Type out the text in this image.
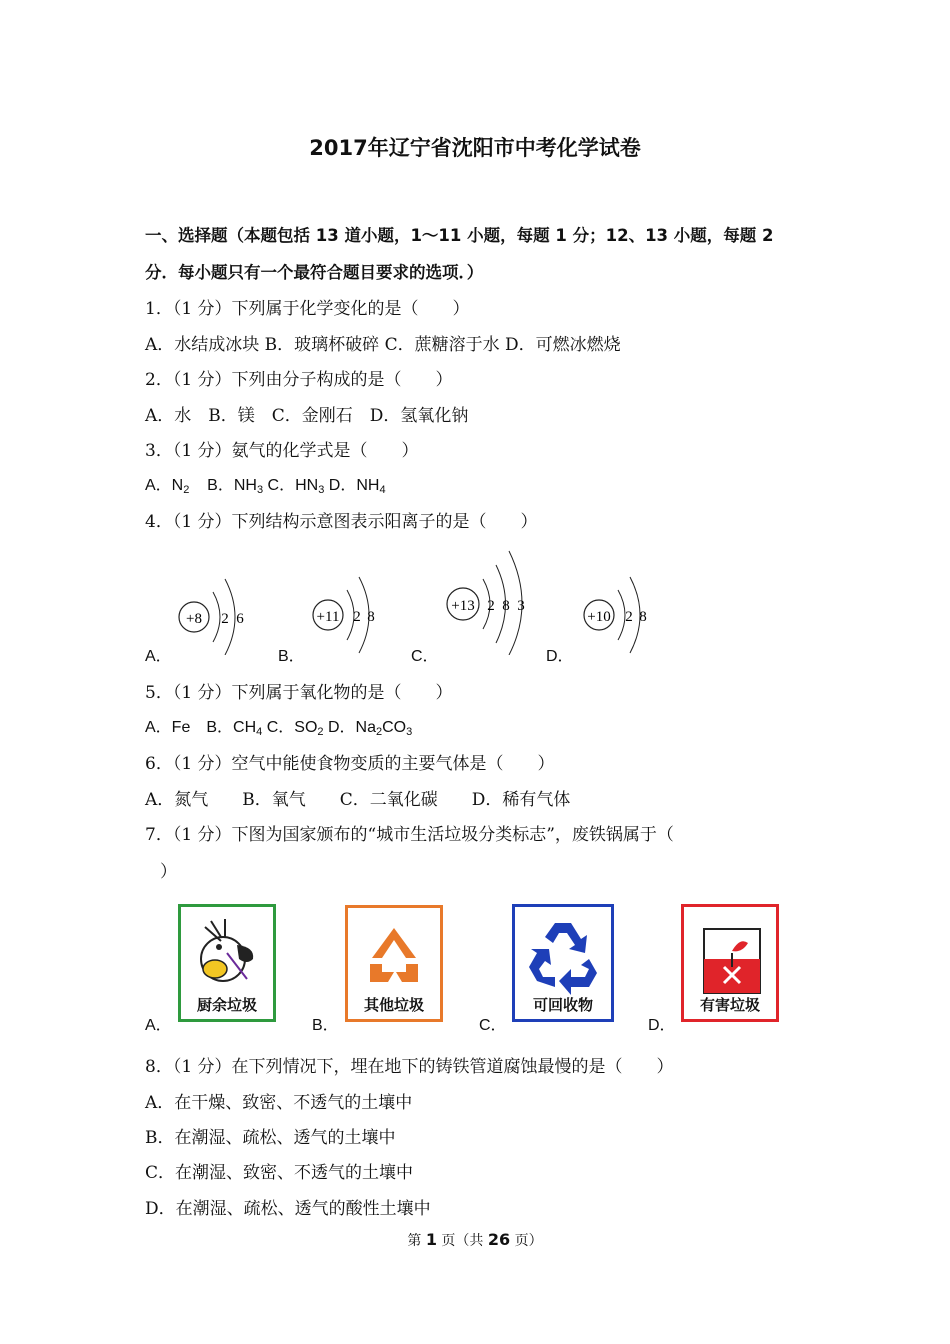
2017年辽宁省沈阳市中考化学试卷
一、选择题（本题包括 13 道小题，1～11 小题，每题 1 分；12、13 小题，每题 2
分．每小题只有一个最符合题目要求的选项．）
1．（1 分）下列属于化学变化的是（　　）
A．水结成冰块 B．玻璃杯破碎 C．蔗糖溶于水 D．可燃冰燃烧
2．（1 分）下列由分子构成的是（　　）
A．水　B．镁　C．金刚石　D．氢氧化钠
3．（1 分）氨气的化学式是（　　）
A．$N_2$ B．$NH_3$ C．$HN_3$ D．$NH_4$
4．（1 分）下列结构示意图表示阳离子的是（　　）
A．
+8 2 6
B．
+11 2 8
C．
+13 2 8 3
D．
+10 2 8
5．（1 分）下列属于氧化物的是（　　）
A．Fe　B．$CH_4$ C．$SO_2$ D．$Na_2CO_3$
6．（1 分）空气中能使食物变质的主要气体是（　　）
A．氮气　　B．氧气　　C．二氧化碳　　D．稀有气体
7．（1 分）下图为国家颁布的“城市生活垃圾分类标志”，废铁锅属于（
）
A．
厨余垃圾
B．
其他垃圾
C．
可回收物
D．
有害垃圾
8．（1 分）在下列情况下，埋在地下的铸铁管道腐蚀最慢的是（　　）
A．在干燥、致密、不透气的土壤中
B．在潮湿、疏松、透气的土壤中
C．在潮湿、致密、不透气的土壤中
D．在潮湿、疏松、透气的酸性土壤中
第 1 页（共 26 页）
